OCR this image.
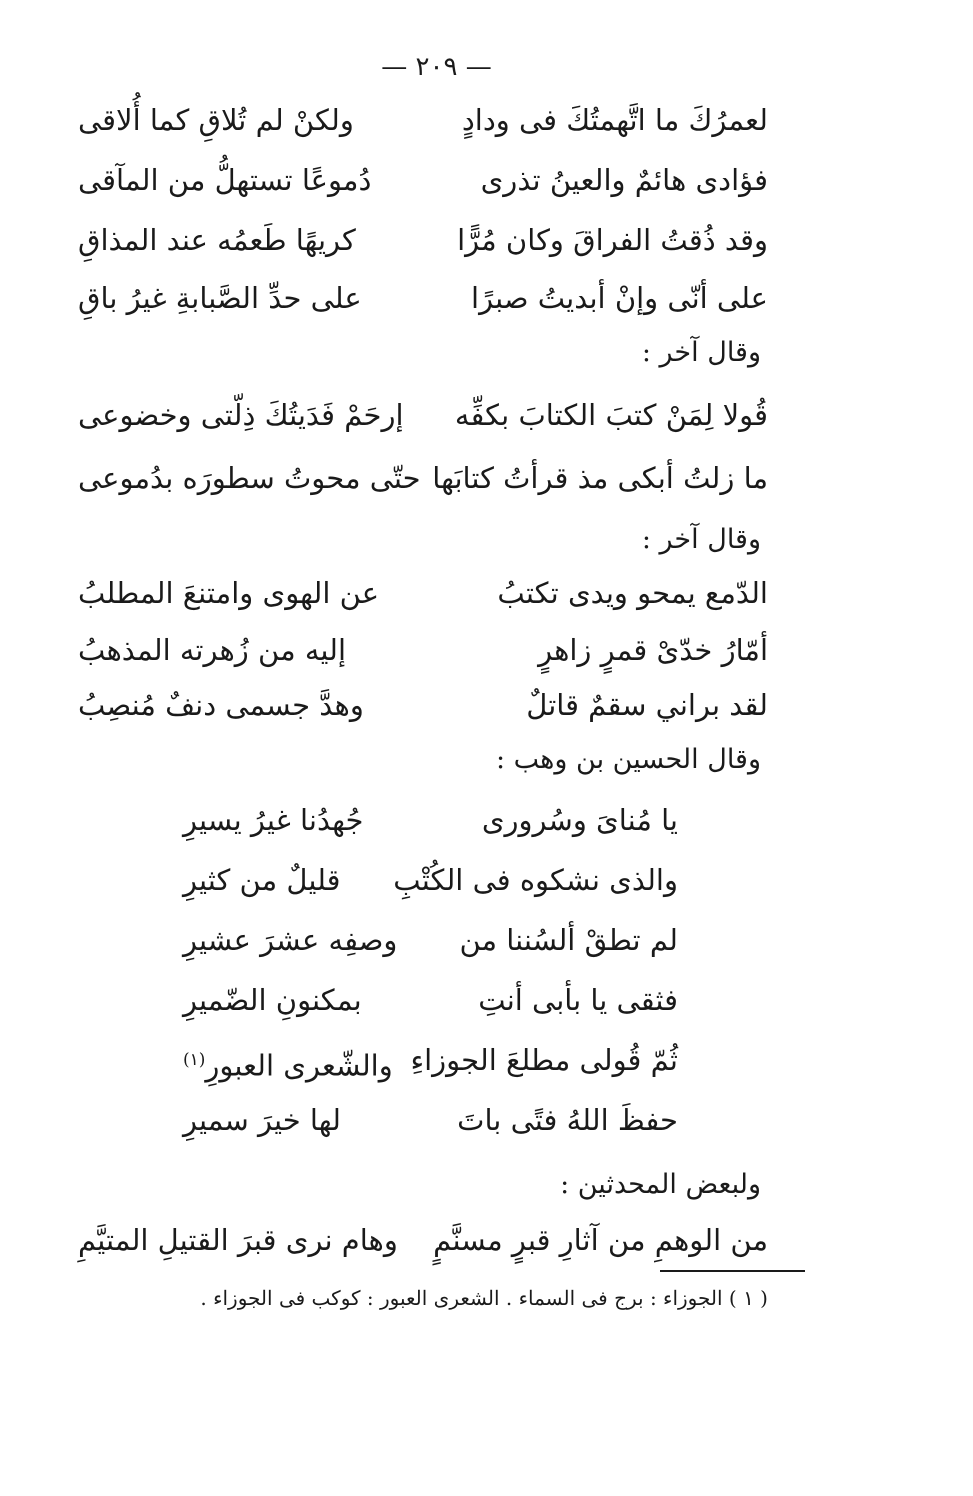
— ٢٠٩ —
لعمرُكَ ما اتَّهمتُكَ فى ودادٍ
ولكنْ لم تُلاقِ كما أُلاقى
فؤادى هائمٌ والعينُ تذرى
دُموعًا تستهلُّ من المآقى
وقد ذُقتُ الفراقَ وكان مُرًّا
كريهًا طَعمُه عند المذاقِ
على أنّى وإنْ أبديتُ صبرًا
على حدِّ الصَّبابةِ غيرُ باقِ
وقال آخر :
قُولا لِمَنْ كتبَ الكتابَ بكفِّه
إرحَمْ فَدَيتُكَ ذِلّتى وخضوعى
ما زلتُ أبكى مذ قرأتُ كتابَها
حتّى محوتُ سطورَه بدُموعى
وقال آخر :
الدّمع يمحو ويدى تكتبُ
عن الهوى وامتنعَ المطلبُ
أمّارُ خدّىْ قمرٍ زاهرٍ
إليه من زُهرته المذهبُ
لقد براني سقمٌ قاتلٌ
وهدَّ جسمى دنفٌ مُنصِبُ
وقال الحسين بن وهب :
يا مُناىَ وسُرورى
جُهدُنا غيرُ يسيرِ
والذى نشكوه فى الكُتْبِ
قليلٌ من كثيرِ
لم تطقْ ألسُننا من
وصفِه عشرَ عشيرِ
فثقى يا بأبى أنتِ
بمكنونِ الضّميرِ
ثُمّ قُولى مطلعَ الجوزاءِ
والشّعرى العبورِ$^{(١)}$
حفظَ اللهُ فتًى باتَ
لها خيرَ سميرِ
ولبعض المحدثين :
من الوهمِ من آثارِ قبرٍ مسنَّمٍ
وهام نرى قبرَ القتيلِ المتيَّمِ
( ١ ) الجوزاء : برج فى السماء . الشعرى العبور : كوكب فى الجوزاء .
